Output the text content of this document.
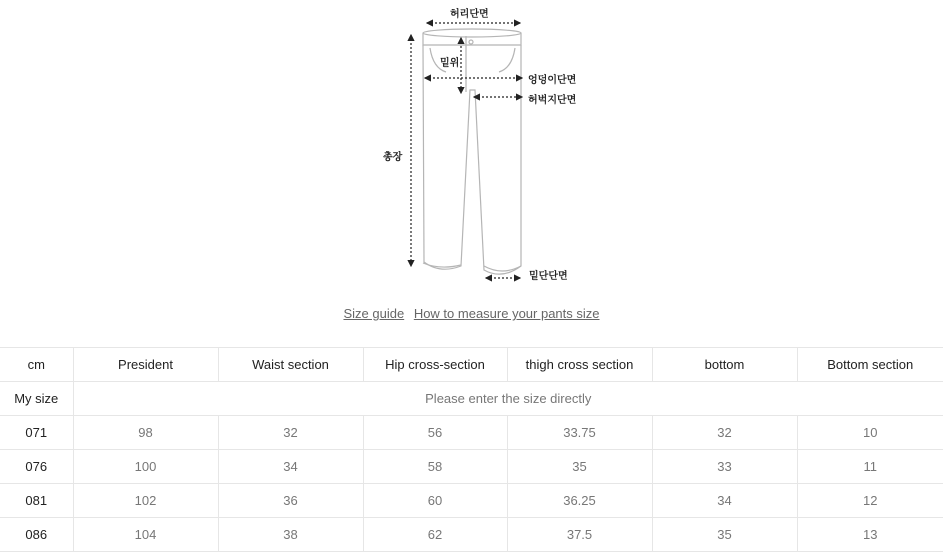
허리단면
밑위
엉덩이단면
허벅지단면
총장
밑단단면
Size guide How to measure your pants size
cm	President	Waist section	Hip cross-section	thigh cross section	bottom	Bottom section
My size	Please enter the size directly					
071	98	32	56	33.75	32	10
076	100	34	58	35	33	11
081	102	36	60	36.25	34	12
086	104	38	62	37.5	35	13
